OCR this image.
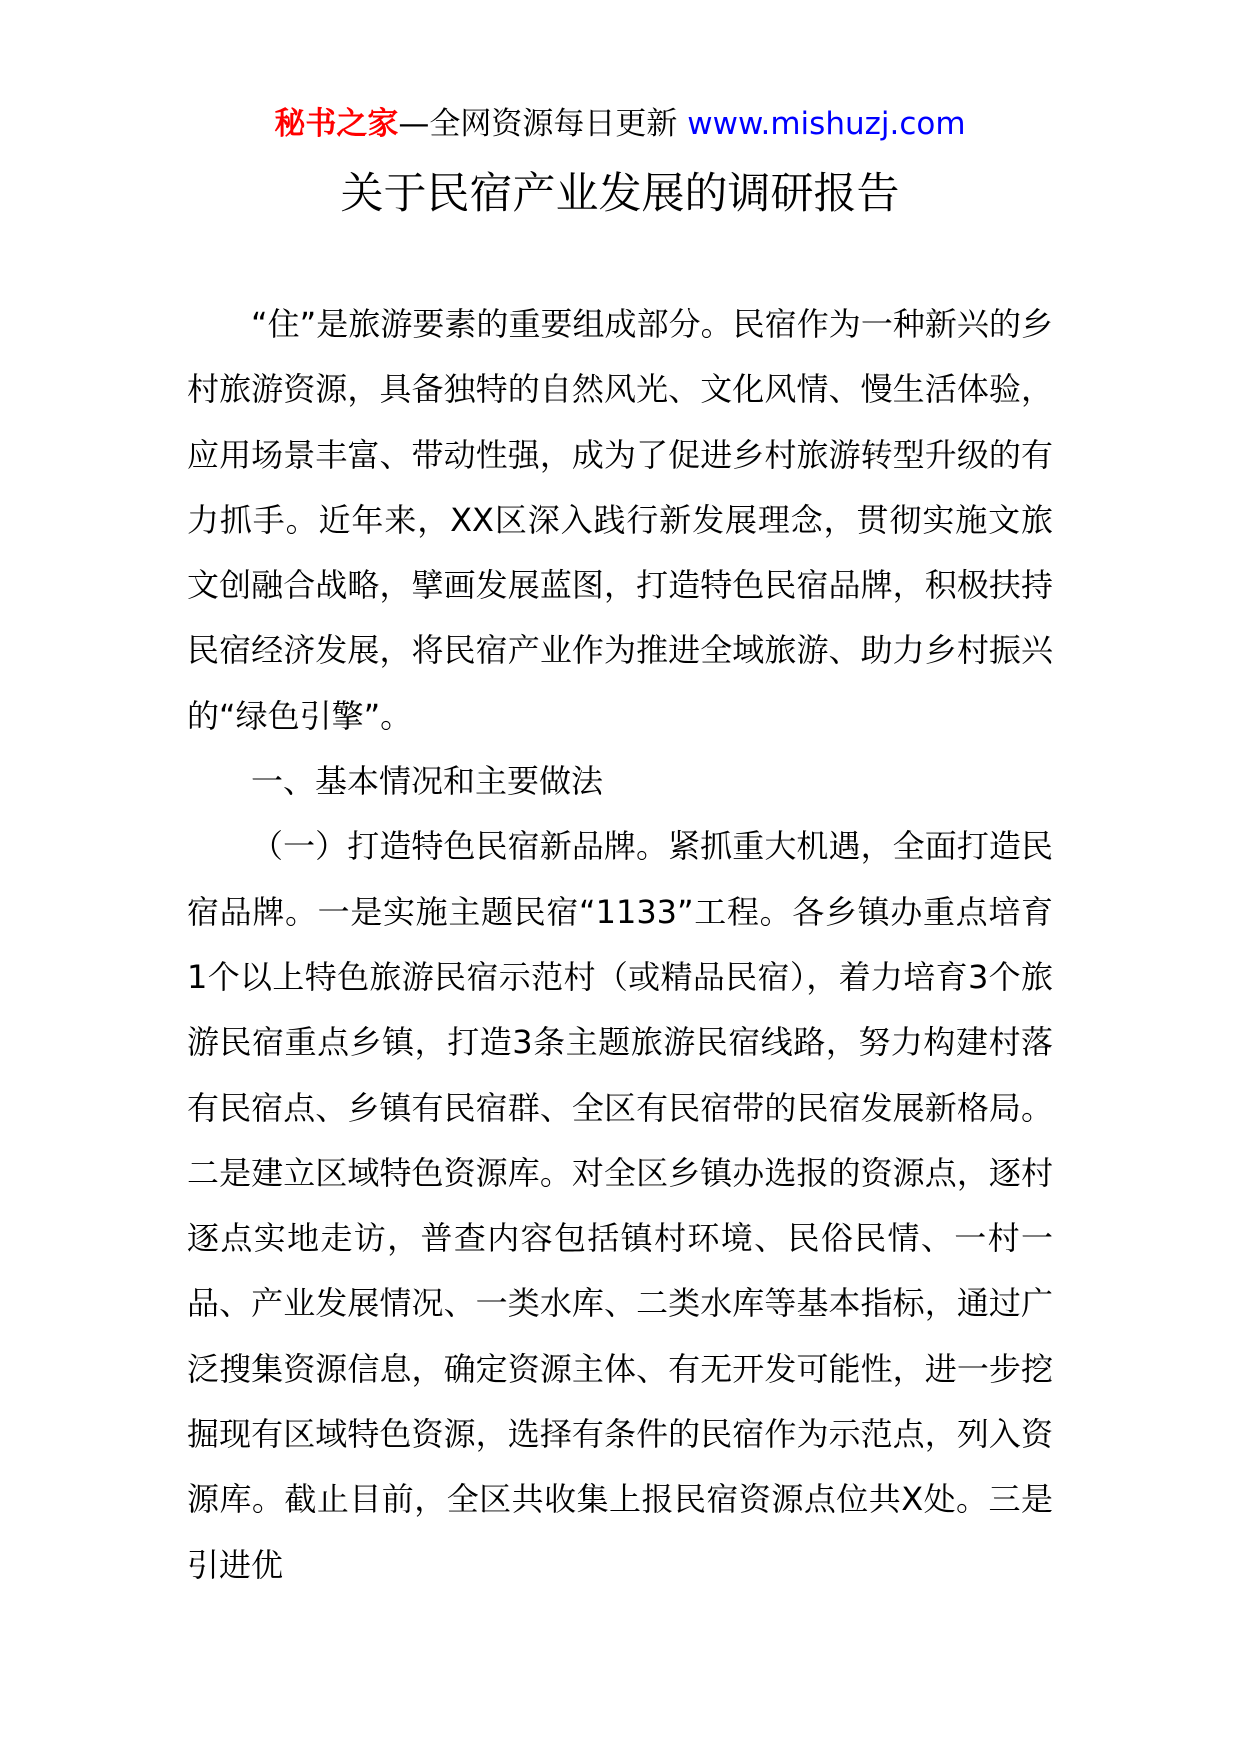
秘书之家—全网资源每日更新 www.mishuzj.com
关于民宿产业发展的调研报告

“住”是旅游要素的重要组成部分。民宿作为一种新兴的乡村旅游资源，具备独特的自然风光、文化风情、慢生活体验，应用场景丰富、带动性强，成为了促进乡村旅游转型升级的有力抓手。近年来，XX区深入践行新发展理念，贯彻实施文旅文创融合战略，擘画发展蓝图，打造特色民宿品牌，积极扶持民宿经济发展，将民宿产业作为推进全域旅游、助力乡村振兴的“绿色引擎”。

一、基本情况和主要做法

（一）打造特色民宿新品牌。紧抓重大机遇，全面打造民宿品牌。一是实施主题民宿“1133”工程。各乡镇办重点培育1个以上特色旅游民宿示范村（或精品民宿），着力培育3个旅游民宿重点乡镇，打造3条主题旅游民宿线路，努力构建村落有民宿点、乡镇有民宿群、全区有民宿带的民宿发展新格局。二是建立区域特色资源库。对全区乡镇办选报的资源点，逐村逐点实地走访，普查内容包括镇村环境、民俗民情、一村一品、产业发展情况、一类水库、二类水库等基本指标，通过广泛搜集资源信息，确定资源主体、有无开发可能性，进一步挖掘现有区域特色资源，选择有条件的民宿作为示范点，列入资源库。截止目前，全区共收集上报民宿资源点位共X处。三是引进优
